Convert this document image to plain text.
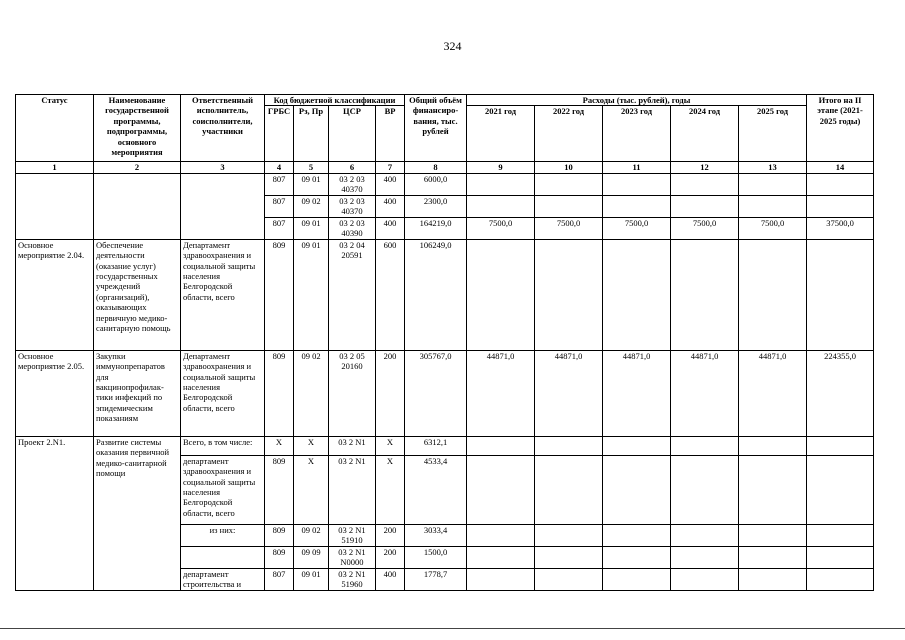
324
Статус	Наименование государственной программы, подпрограммы, основного мероприятия	Ответственный исполнитель, соисполнители, участники	Код бюджетной классификации				Общий объём финансиро-вания, тыс. рублей	Расходы (тыс. рублей), годы					Итого на II этапе (2021-2025 годы)
			ГРБС	Рз, Пр	ЦСР	ВР		2021 год	2022 год	2023 год	2024 год	2025 год	
1	2	3	4	5	6	7	8	9	10	11	12	13	14
			807	09 01	03 2 03 40370	400	6000,0						
			807	09 02	03 2 03 40370	400	2300,0						
			807	09 01	03 2 03 40390	400	164219,0	7500,0	7500,0	7500,0	7500,0	7500,0	37500,0
Основное мероприятие 2.04.	Обеспечение деятельности (оказание услуг) государственных учреждений (организаций), оказывающих первичную медико-санитарную помощь	Департамент здравоохранения и социальной защиты населения Белгородской области, всего	809	09 01	03 2 04 20591	600	106249,0						
Основное мероприятие 2.05.	Закупки иммунопрепаратов для вакцинопрофилак-тики инфекций по эпидемическим показаниям	Департамент здравоохранения и социальной защиты населения Белгородской области, всего	809	09 02	03 2 05 20160	200	305767,0	44871,0	44871,0	44871,0	44871,0	44871,0	224355,0
Проект 2.N1.	Развитие системы оказания первичной медико-санитарной помощи	Всего, в том числе:	Х	Х	03 2 N1	Х	6312,1						
		департамент здравоохранения и социальной защиты населения Белгородской области, всего	809	Х	03 2 N1	Х	4533,4						
		из них:	809	09 02	03 2 N1 51910	200	3033,4						
			809	09 09	03 2 N1 N0000	200	1500,0						
		департамент строительства и	807	09 01	03 2 N1 51960	400	1778,7						
